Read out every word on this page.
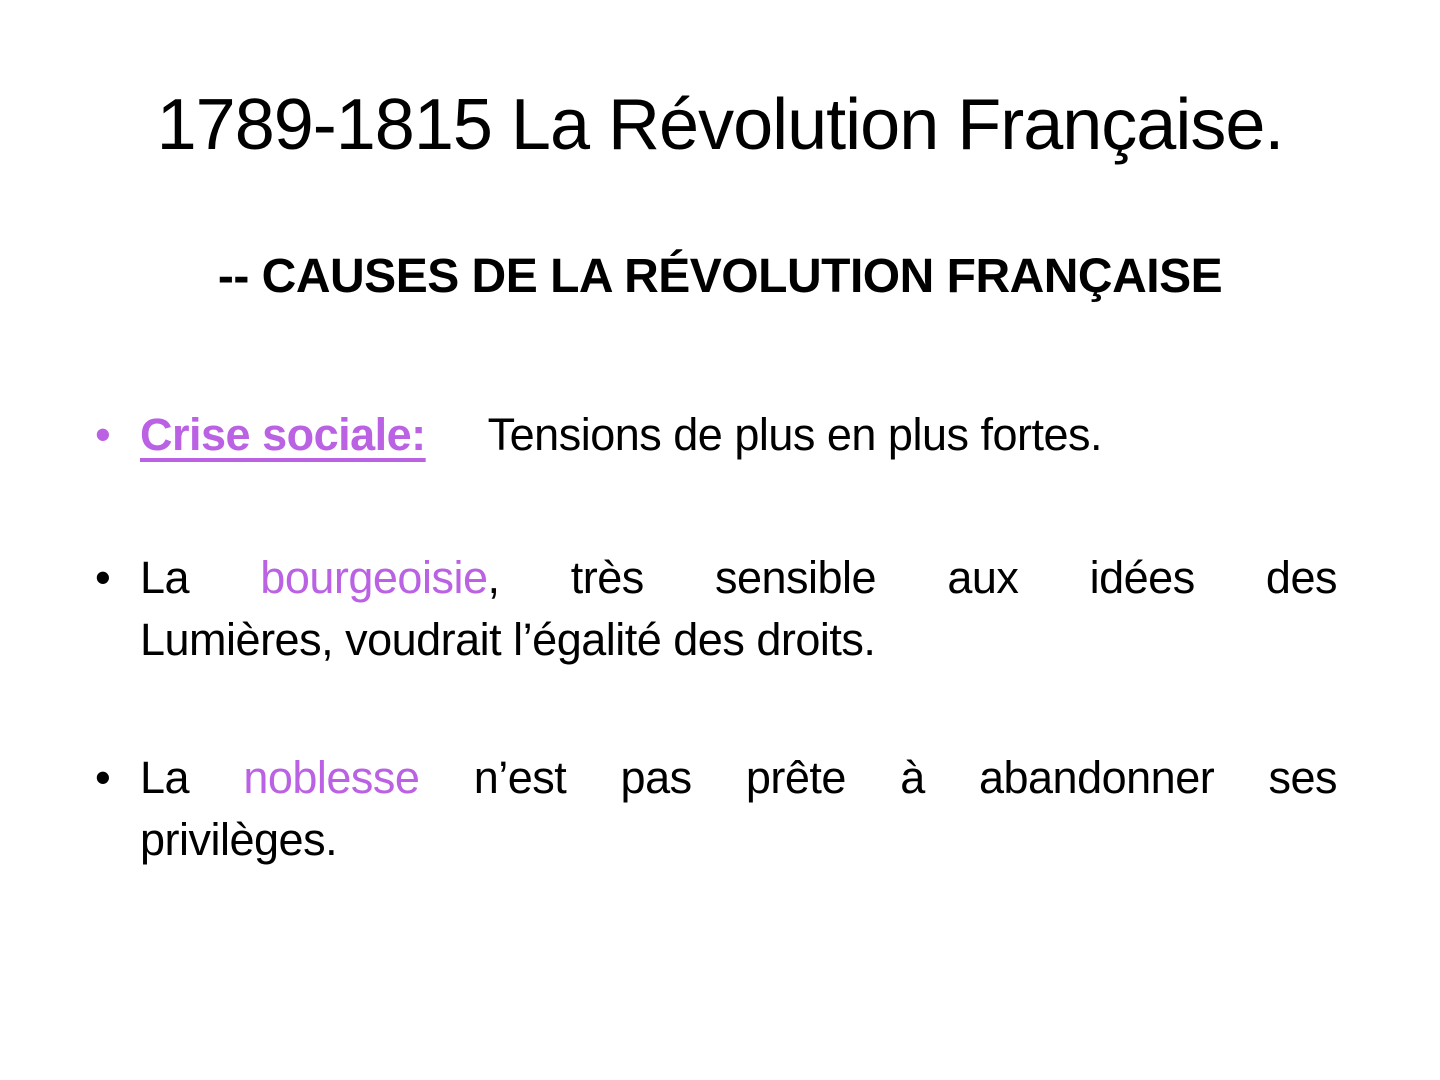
1789-1815 La Révolution Française.
-- CAUSES DE LA RÉVOLUTION FRANÇAISE
• Crise sociale: Tensions de plus en plus fortes.
• La bourgeoisie, très sensible aux idées des
Lumières, voudrait l’égalité des droits.
• La noblesse n’est pas prête à abandonner ses
privilèges.
